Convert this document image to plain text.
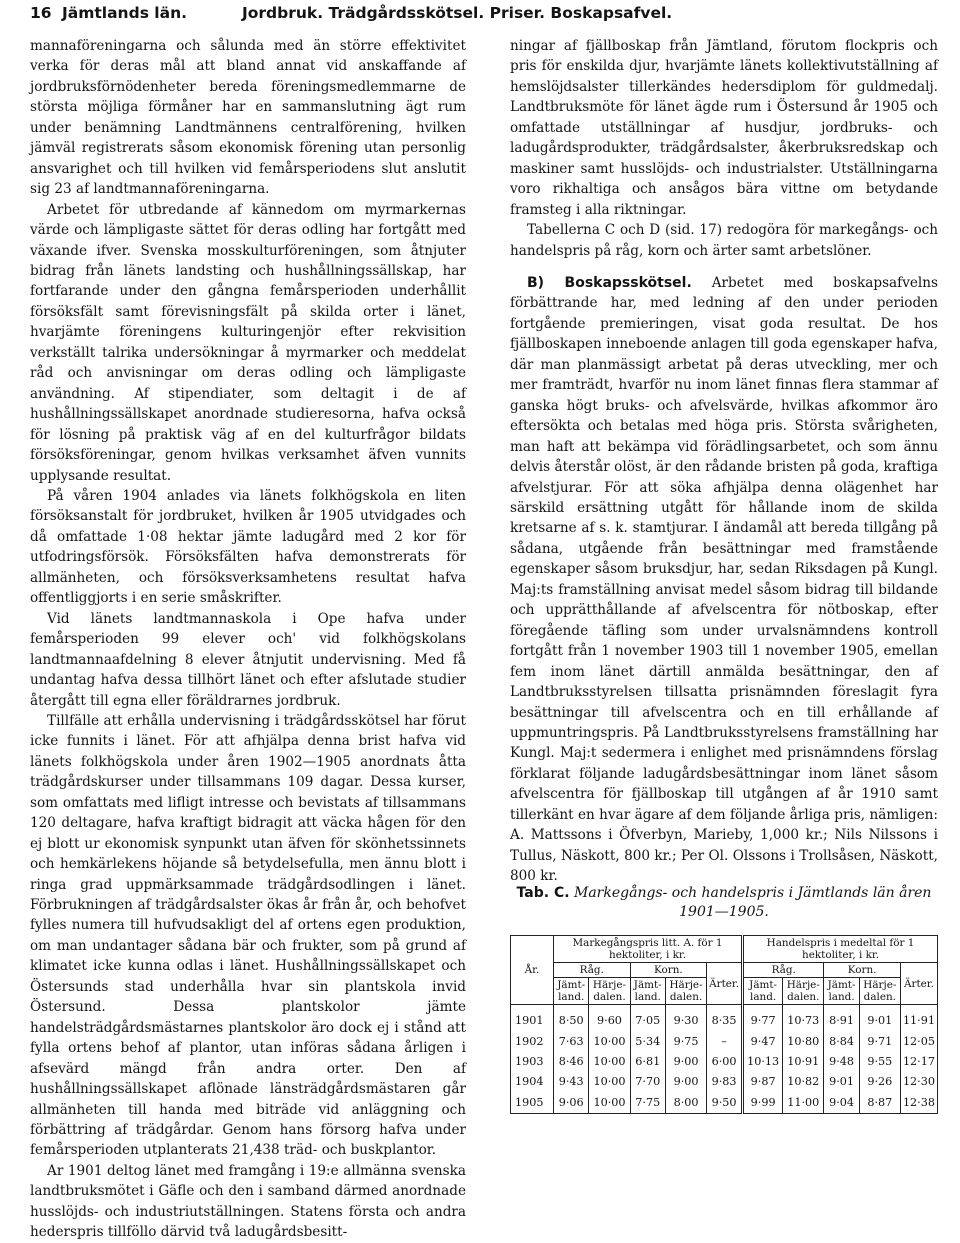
16 Jämtlands län.	Jordbruk. Trädgårdsskötsel. Priser. Boskapsafvel.

mannaföreningarna och sålunda med än större effektivitet verka för deras mål att bland annat vid anskaffande af jordbruksförnödenheter bereda föreningsmedlemmarne de största möjliga förmåner har en sammanslutning ägt rum under benämning Landtmännens centralförening, hvilken jämväl registrerats såsom ekonomisk förening utan personlig ansvarighet och till hvilken vid femårsperiodens slut anslutit sig 23 af landtmannaföreningarna.

Arbetet för utbredande af kännedom om myrmarkernas värde och lämpligaste sättet för deras odling har fortgått med växande ifver. Svenska mosskulturföreningen, som åtnjuter bidrag från länets landsting och hushållningssällskap, har fortfarande under den gångna femårsperioden underhållit försöksfält samt förevisningsfält på skilda orter i länet, hvarjämte föreningens kulturingenjör efter rekvisition verkställt talrika undersökningar å myrmarker och meddelat råd och anvisningar om deras odling och lämpligaste användning. Af stipendiater, som deltagit i de af hushållningssällskapet anordnade studieresorna, hafva också för lösning på praktisk väg af en del kulturfrågor bildats försöksföreningar, genom hvilkas verksamhet äfven vunnits upplysande resultat.

På våren 1904 anlades via länets folkhögskola en liten försöksanstalt för jordbruket, hvilken år 1905 utvidgades och då omfattade 1·08 hektar jämte ladugård med 2 kor för utfodringsförsök. Försöksfälten hafva demonstrerats för allmänheten, och försöksverksamhetens resultat hafva offentliggjorts i en serie småskrifter.

Vid länets landtmannaskola i Ope hafva under femårsperioden 99 elever och' vid folkhögskolans landtmannaafdelning 8 elever åtnjutit undervisning. Med få undantag hafva dessa tillhört länet och efter afslutade studier återgått till egna eller föräldrarnes jordbruk.

Tillfälle att erhålla undervisning i trädgårdsskötsel har förut icke funnits i länet. För att afhjälpa denna brist hafva vid länets folkhögskola under åren 1902—1905 anordnats åtta trädgårdskurser under tillsammans 109 dagar. Dessa kurser, som omfattats med lifligt intresse och bevistats af tillsammans 120 deltagare, hafva kraftigt bidragit att väcka hågen för den ej blott ur ekonomisk synpunkt utan äfven för skönhetssinnets och hemkärlekens höjande så betydelsefulla, men ännu blott i ringa grad uppmärksammade trädgårdsodlingen i länet. Förbrukningen af trädgårdsalster ökas år från år, och behofvet fylles numera till hufvudsakligt del af ortens egen produktion, om man undantager sådana bär och frukter, som på grund af klimatet icke kunna odlas i länet. Hushållningssällskapet och Östersunds stad underhålla hvar sin plantskola invid Östersund. Dessa plantskolor jämte handelsträdgårdsmästarnes plantskolor äro dock ej i stånd att fylla ortens behof af plantor, utan införas sådana årligen i afsevärd mängd från andra orter. Den af hushållningssällskapet aflönade länsträdgårdsmästaren går allmänheten till handa med biträde vid anläggning och förbättring af trädgårdar. Genom hans försorg hafva under femårsperioden utplanterats 21,438 träd- och buskplantor.

Ar 1901 deltog länet med framgång i 19:e allmänna svenska landtbruksmötet i Gäfle och den i samband därmed anordnade husslöjds- och industriutställningen. Statens första och andra hederspris tillföllo därvid två ladugårdsbesitt-

ningar af fjällboskap från Jämtland, förutom flockpris och pris för enskilda djur, hvarjämte länets kollektivutställning af hemslöjdsalster tillerkändes hedersdiplom för guldmedalj. Landtbruksmöte för länet ägde rum i Östersund år 1905 och omfattade utställningar af husdjur, jordbruks- och ladugårdsprodukter, trädgårdsalster, åkerbruksredskap och maskiner samt husslöjds- och industrialster. Utställningarna voro rikhaltiga och ansågos bära vittne om betydande framsteg i alla riktningar.

Tabellerna C och D (sid. 17) redogöra för markegångs- och handelspris på råg, korn och ärter samt arbetslöner.

B) Boskapsskötsel. Arbetet med boskapsafvelns förbättrande har, med ledning af den under perioden fortgående premieringen, visat goda resultat. De hos fjällboskapen inneboende anlagen till goda egenskaper hafva, där man planmässigt arbetat på deras utveckling, mer och mer framträdt, hvarför nu inom länet finnas flera stammar af ganska högt bruks- och afvelsvärde, hvilkas afkommor äro eftersökta och betalas med höga pris. Största svårigheten, man haft att bekämpa vid förädlingsarbetet, och som ännu delvis återstår olöst, är den rådande bristen på goda, kraftiga afvelstjurar. För att söka afhjälpa denna olägenhet har särskild ersättning utgått för hållande inom de skilda kretsarne af s. k. stamtjurar. I ändamål att bereda tillgång på sådana, utgående från besättningar med framstående egenskaper såsom bruksdjur, har, sedan Riksdagen på Kungl. Maj:ts framställning anvisat medel såsom bidrag till bildande och upprätthållande af afvelscentra för nötboskap, efter föregående täfling som under urvalsnämndens kontroll fortgått från 1 november 1903 till 1 november 1905, emellan fem inom länet därtill anmälda besättningar, den af Landtbruksstyrelsen tillsatta prisnämnden föreslagit fyra besättningar till afvelscentra och en till erhållande af uppmuntringspris. På Landtbruksstyrelsens framställning har Kungl. Maj:t sedermera i enlighet med prisnämndens förslag förklarat följande ladugårdsbesättningar inom länet såsom afvelscentra för fjällboskap till utgången af år 1910 samt tillerkänt en hvar ägare af dem följande årliga pris, nämligen: A. Mattssons i Öfverbyn, Marieby, 1,000 kr.; Nils Nilssons i Tullus, Näskott, 800 kr.; Per Ol. Olssons i Trollsåsen, Näskott, 800 kr.

Tab. C. Markegångs- och handelspris i Jämtlands län åren 1901—1905.
År.	Markegångspris litt. A. för 1 hektoliter, i kr.					Handelspris i medeltal för 1 hektoliter, i kr.				
	Råg.		Korn.		Ärter.	Råg.		Korn.		Ärter.
	Jämt-land.	Härje-dalen.	Jämt-land.	Härje-dalen.		Jämt-land.	Härje-dalen.	Jämt-land.	Härje-dalen.	
1901	8·50	9·60	7·05	9·30	8·35	9·77	10·73	8·91	9·01	11·91
1902	7·63	10·00	5·34	9·75	–	9·47	10·80	8·84	9·71	12·05
1903	8·46	10·00	6·81	9·00	6·00	10·13	10·91	9·48	9·55	12·17
1904	9·43	10·00	7·70	9·00	9·83	9·87	10·82	9·01	9·26	12·30
1905	9·06	10·00	7·75	8·00	9·50	9·99	11·00	9·04	8·87	12·38
